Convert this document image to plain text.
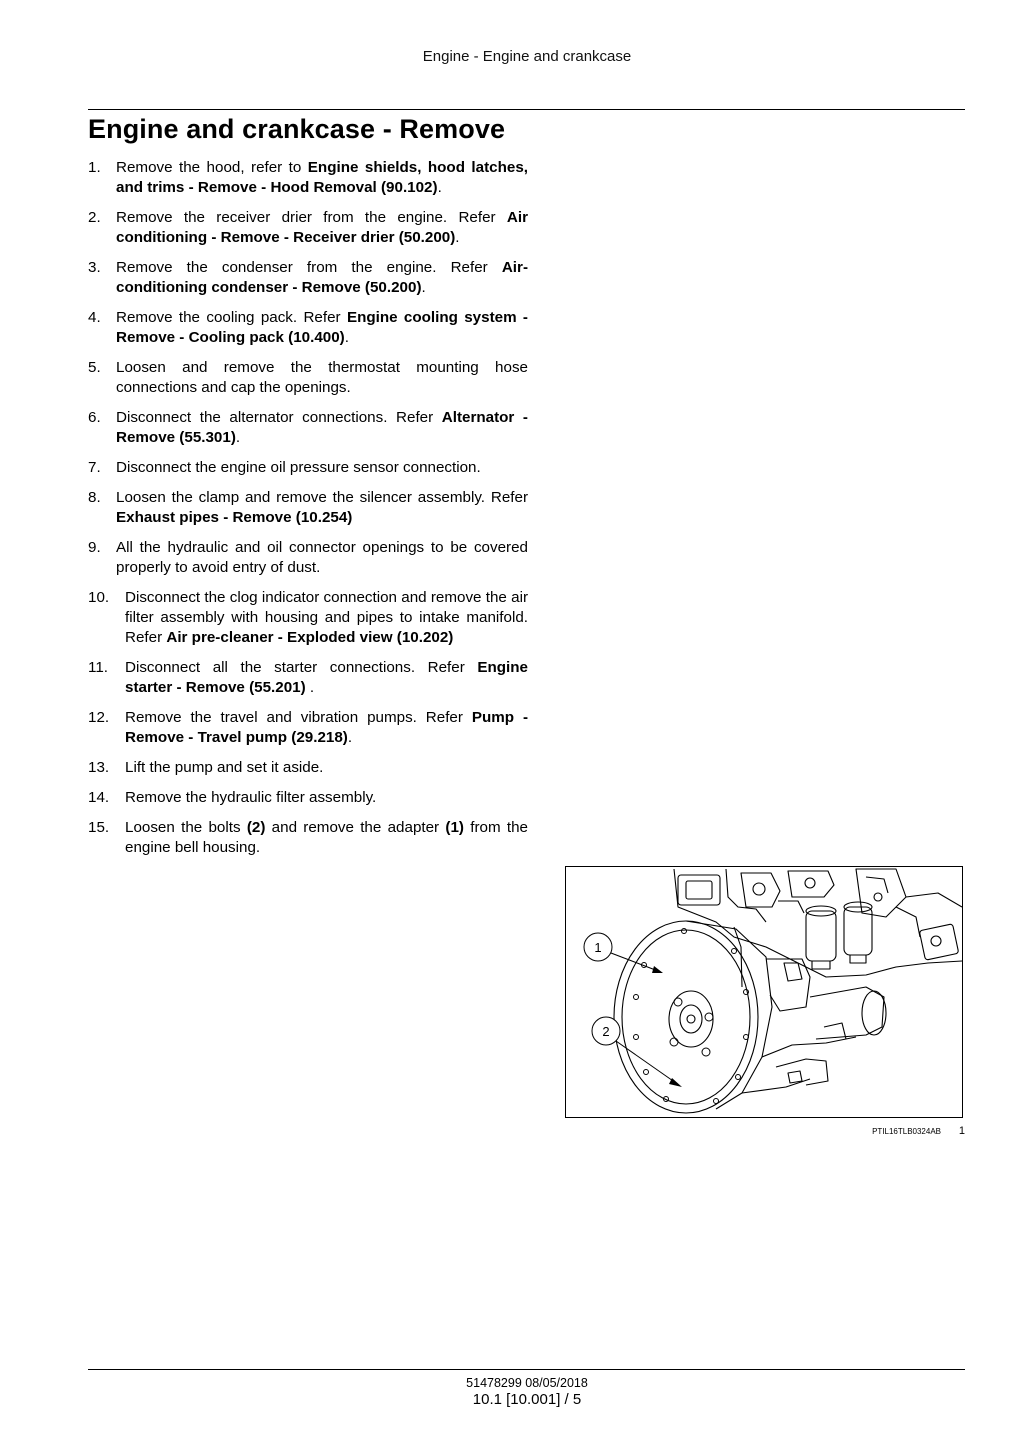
Engine - Engine and crankcase
Engine and crankcase - Remove
1. Remove the hood, refer to Engine shields, hood latches, and trims - Remove - Hood Removal (90.102).
2. Remove the receiver drier from the engine. Refer Air conditioning - Remove - Receiver drier (50.200).
3. Remove the condenser from the engine. Refer Air-conditioning condenser - Remove (50.200).
4. Remove the cooling pack. Refer Engine cooling system - Remove - Cooling pack (10.400).
5. Loosen and remove the thermostat mounting hose connections and cap the openings.
6. Disconnect the alternator connections. Refer Alternator - Remove (55.301).
7. Disconnect the engine oil pressure sensor connection.
8. Loosen the clamp and remove the silencer assembly. Refer Exhaust pipes - Remove (10.254)
9. All the hydraulic and oil connector openings to be covered properly to avoid entry of dust.
10. Disconnect the clog indicator connection and remove the air filter assembly with housing and pipes to intake manifold. Refer Air pre-cleaner - Exploded view (10.202)
11. Disconnect all the starter connections. Refer Engine starter - Remove (55.201) .
12. Remove the travel and vibration pumps. Refer Pump - Remove - Travel pump (29.218).
13. Lift the pump and set it aside.
14. Remove the hydraulic filter assembly.
15. Loosen the bolts (2) and remove the adapter (1) from the engine bell housing.
1
2
PTIL16TLB0324AB 1
51478299 08/05/2018
10.1 [10.001] / 5
